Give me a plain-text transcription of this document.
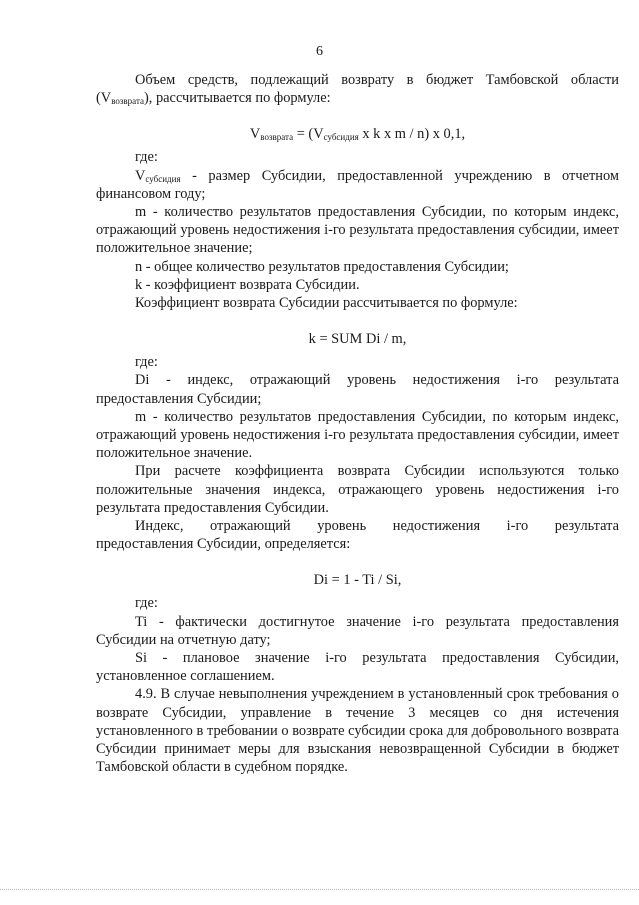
6

Объем средств, подлежащий возврату в бюджет Тамбовской области

$(V_{возврата})$, рассчитывается по формуле:

$V_{возврата} = (V_{субсидия}$ x k x m / n) x 0,1,

где:

$V_{субсидия}$ - размер Субсидии, предоставленной учреждению в отчетном финансовом году;

m - количество результатов предоставления Субсидии, по которым индекс, отражающий уровень недостижения i-го результата предоставления субсидии, имеет положительное значение;

n - общее количество результатов предоставления Субсидии;

k - коэффициент возврата Субсидии.

Коэффициент возврата Субсидии рассчитывается по формуле:

k = SUM Di / m,

где:

Di - индекс, отражающий уровень недостижения i-го результата предоставления Субсидии;

m - количество результатов предоставления Субсидии, по которым индекс, отражающий уровень недостижения i-го результата предоставления субсидии, имеет положительное значение.

При расчете коэффициента возврата Субсидии используются только положительные значения индекса, отражающего уровень недостижения i-го результата предоставления Субсидии.

Индекс, отражающий уровень недостижения i-го результата

предоставления Субсидии, определяется:

Di = 1 - Ti / Si,

где:

Ti - фактически достигнутое значение i-го результата предоставления Субсидии на отчетную дату;

Si - плановое значение i-го результата предоставления Субсидии, установленное соглашением.

4.9. В случае невыполнения учреждением в установленный срок требования о возврате Субсидии, управление в течение 3 месяцев со дня истечения установленного в требовании о возврате субсидии срока для добровольного возврата Субсидии принимает меры для взыскания невозвращенной Субсидии в бюджет Тамбовской области в судебном порядке.
